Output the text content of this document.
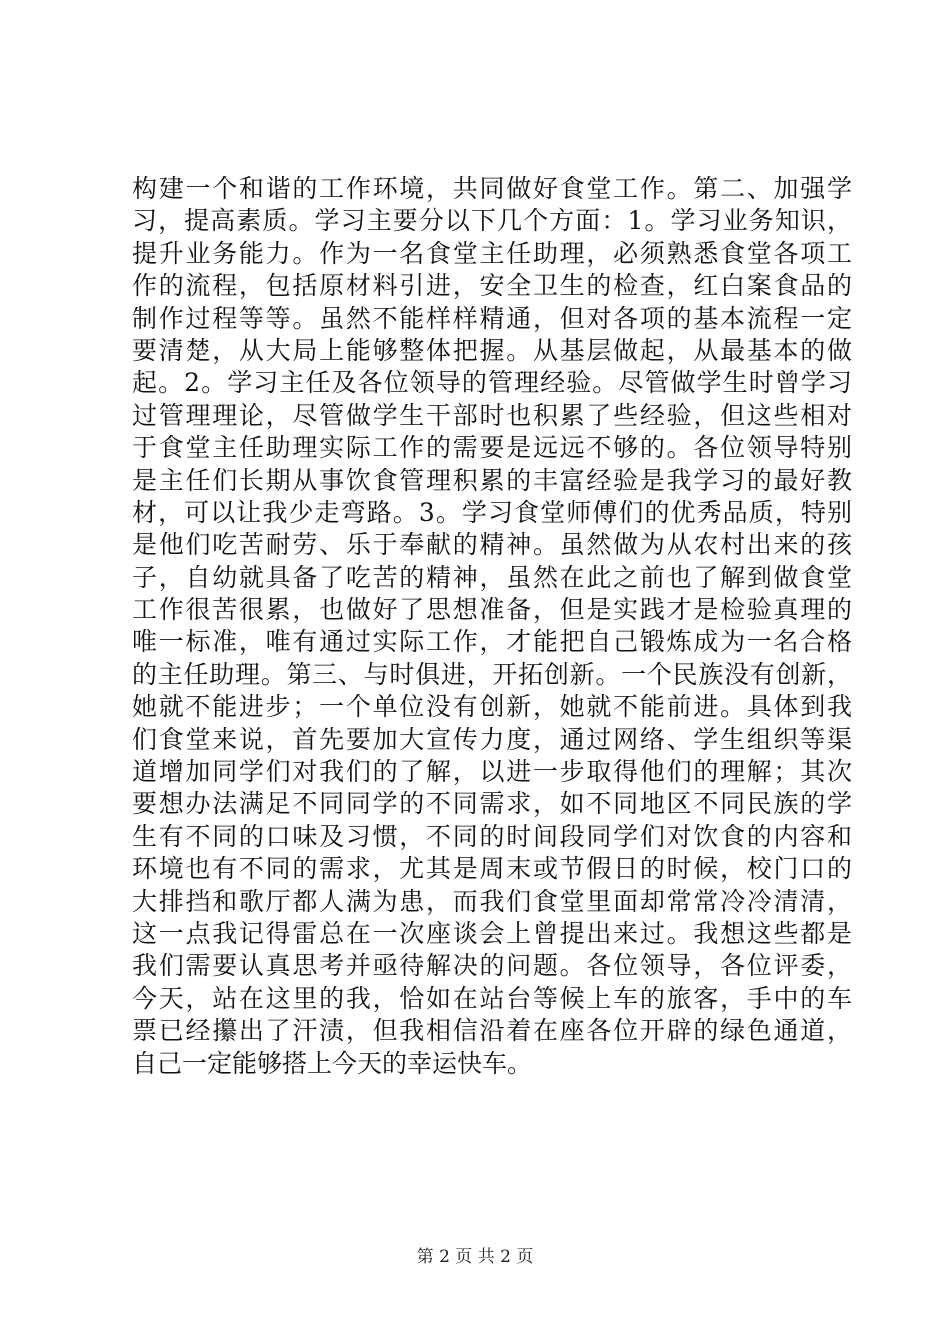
构建一个和谐的工作环境，共同做好食堂工作。第二、加强学
习，提高素质。学习主要分以下几个方面：1。学习业务知识，
提升业务能力。作为一名食堂主任助理，必须熟悉食堂各项工
作的流程，包括原材料引进，安全卫生的检查，红白案食品的
制作过程等等。虽然不能样样精通，但对各项的基本流程一定
要清楚，从大局上能够整体把握。从基层做起，从最基本的做
起。2。学习主任及各位领导的管理经验。尽管做学生时曾学习
过管理理论，尽管做学生干部时也积累了些经验，但这些相对
于食堂主任助理实际工作的需要是远远不够的。各位领导特别
是主任们长期从事饮食管理积累的丰富经验是我学习的最好教
材，可以让我少走弯路。3。学习食堂师傅们的优秀品质，特别
是他们吃苦耐劳、乐于奉献的精神。虽然做为从农村出来的孩
子，自幼就具备了吃苦的精神，虽然在此之前也了解到做食堂
工作很苦很累，也做好了思想准备，但是实践才是检验真理的
唯一标准，唯有通过实际工作，才能把自己锻炼成为一名合格
的主任助理。第三、与时俱进，开拓创新。一个民族没有创新，
她就不能进步；一个单位没有创新，她就不能前进。具体到我
们食堂来说，首先要加大宣传力度，通过网络、学生组织等渠
道增加同学们对我们的了解，以进一步取得他们的理解；其次
要想办法满足不同同学的不同需求，如不同地区不同民族的学
生有不同的口味及习惯，不同的时间段同学们对饮食的内容和
环境也有不同的需求，尤其是周末或节假日的时候，校门口的
大排挡和歌厅都人满为患，而我们食堂里面却常常冷冷清清，
这一点我记得雷总在一次座谈会上曾提出来过。我想这些都是
我们需要认真思考并亟待解决的问题。各位领导，各位评委，
今天，站在这里的我，恰如在站台等候上车的旅客，手中的车
票已经攥出了汗渍，但我相信沿着在座各位开辟的绿色通道，
自己一定能够搭上今天的幸运快车。
第 2 页 共 2 页
